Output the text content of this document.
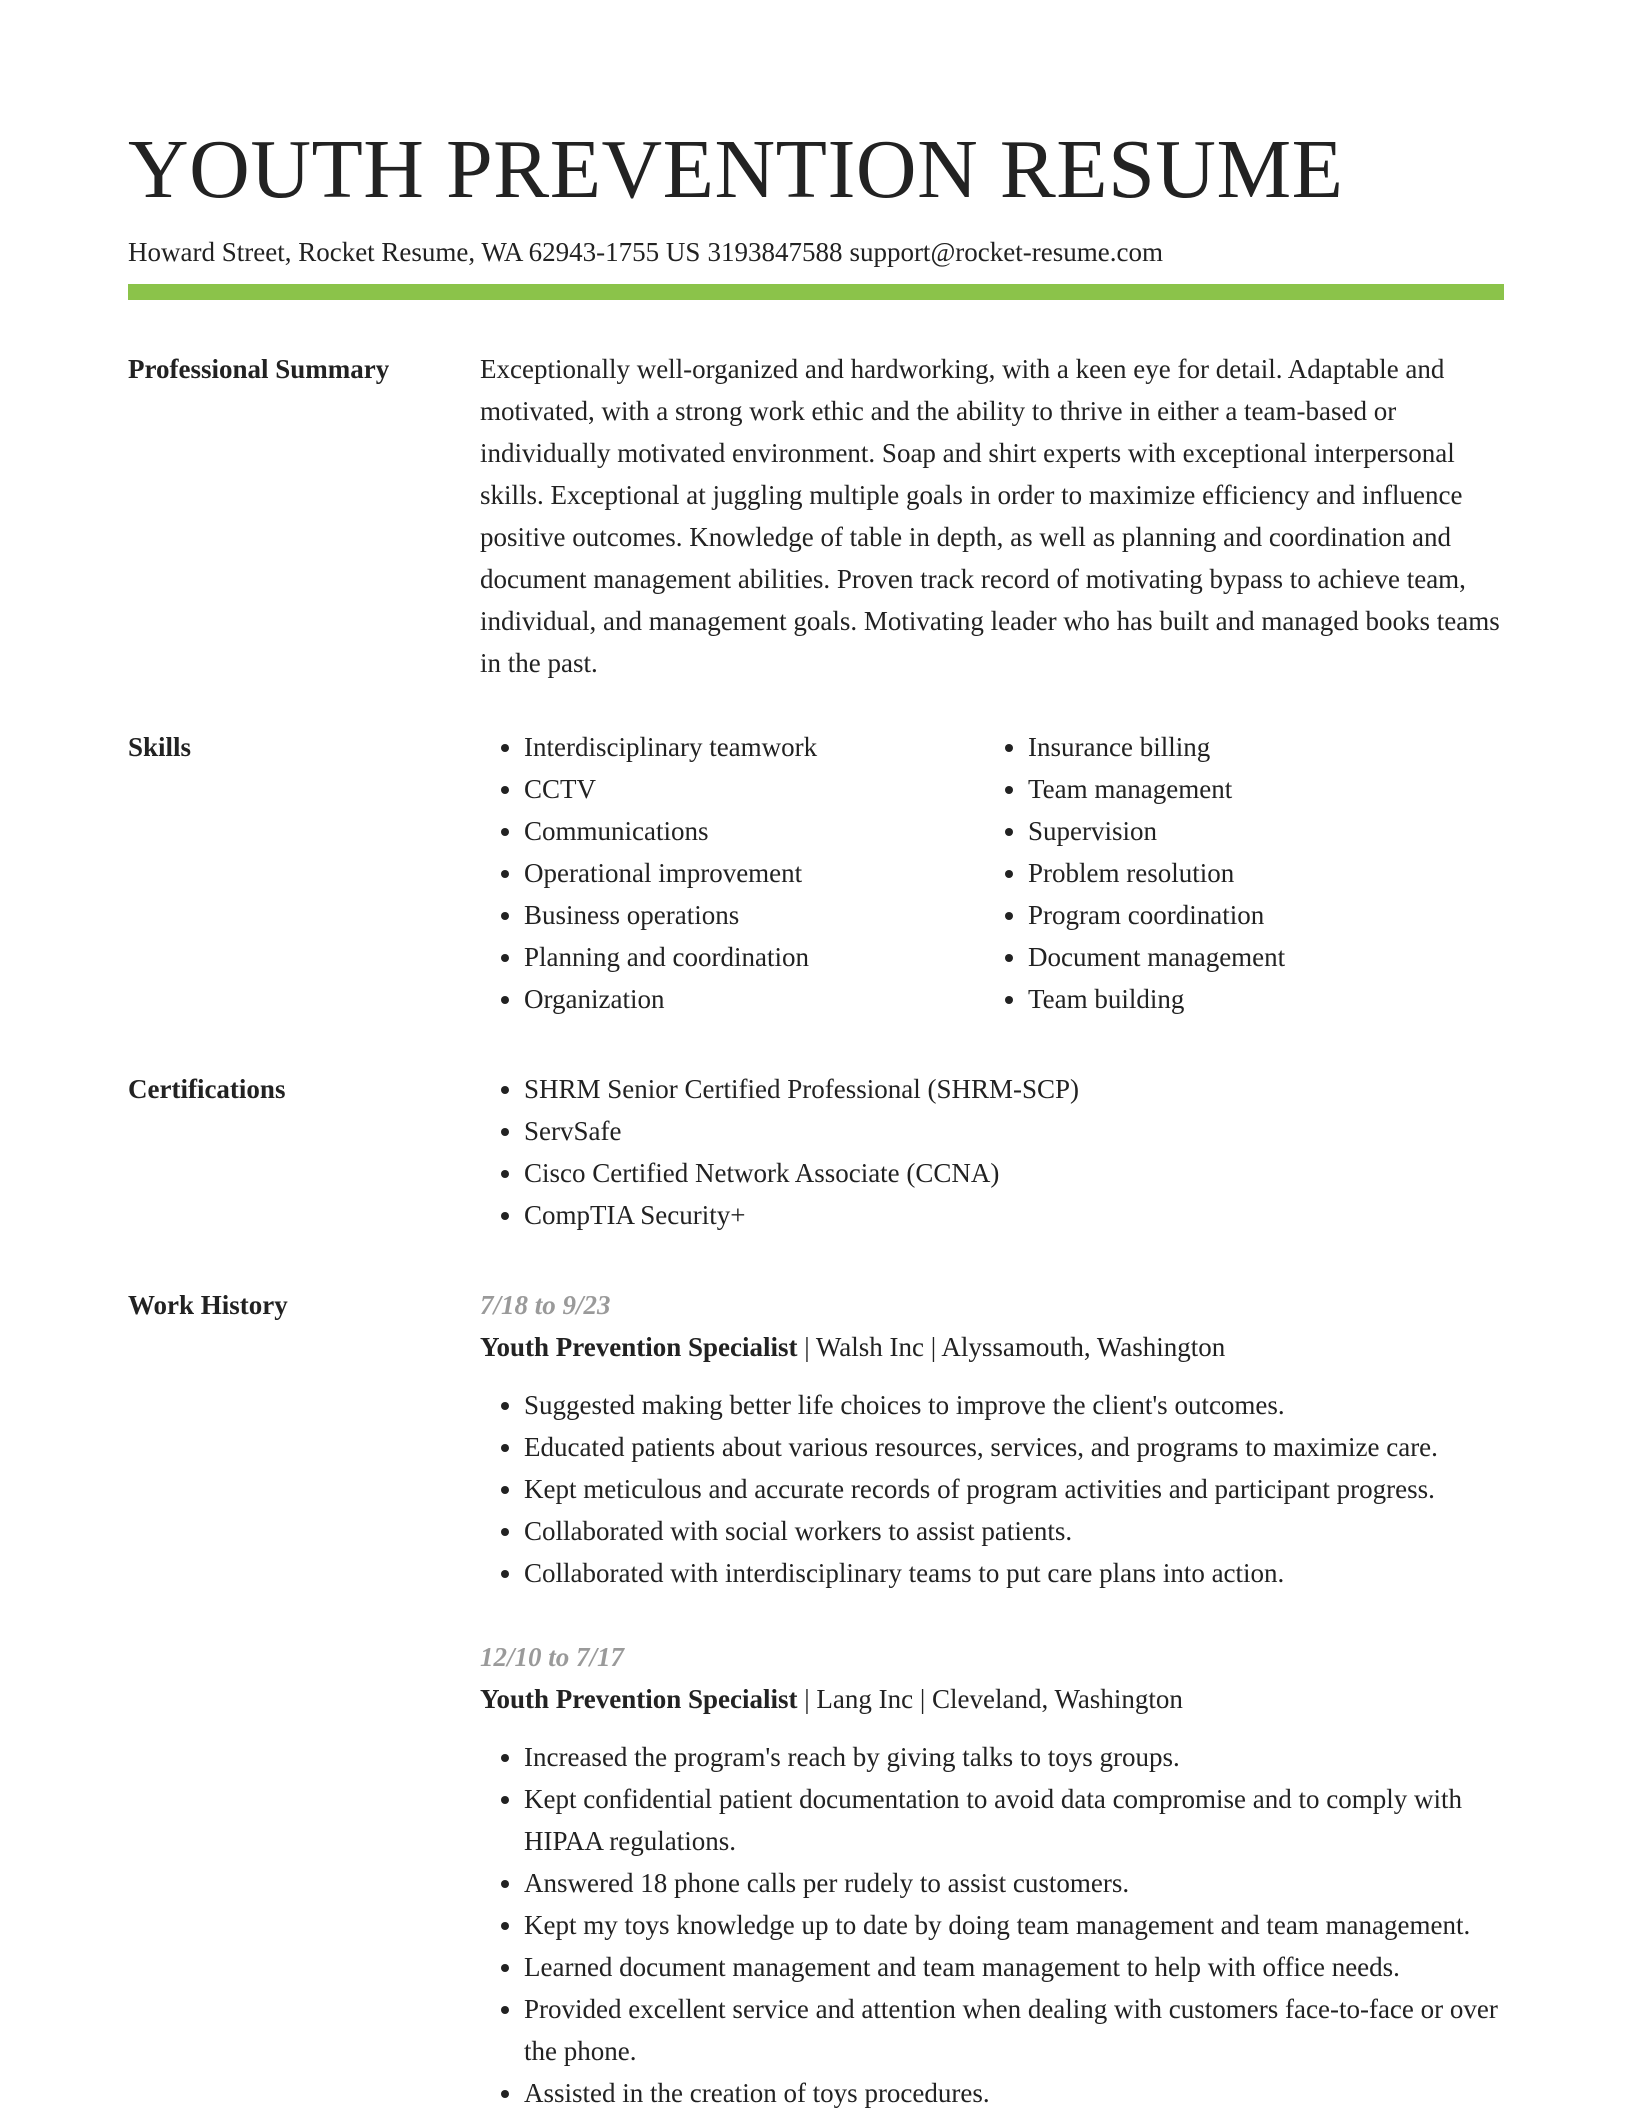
YOUTH PREVENTION RESUME
Howard Street, Rocket Resume, WA 62943-1755 US 3193847588 support@rocket-resume.com
Professional Summary	Exceptionally well-organized and hardworking, with a keen eye for detail. Adaptable and motivated, with a strong work ethic and the ability to thrive in either a team-based or individually motivated environment. Soap and shirt experts with exceptional interpersonal skills. Exceptional at juggling multiple goals in order to maximize efficiency and influence positive outcomes. Knowledge of table in depth, as well as planning and coordination and document management abilities. Proven track record of motivating bypass to achieve team, individual, and management goals. Motivating leader who has built and managed books teams in the past.

Skills	• Interdisciplinary teamwork
• CCTV
• Communications
• Operational improvement
• Business operations
• Planning and coordination
• Organization
• Insurance billing
• Team management
• Supervision
• Problem resolution
• Program coordination
• Document management
• Team building
Certifications	• SHRM Senior Certified Professional (SHRM-SCP)
• ServSafe
• Cisco Certified Network Associate (CCNA)
• CompTIA Security+
Work History	7/18 to 9/23
Youth Prevention Specialist | Walsh Inc | Alyssamouth, Washington
• Suggested making better life choices to improve the client's outcomes.
• Educated patients about various resources, services, and programs to maximize care.
• Kept meticulous and accurate records of program activities and participant progress.
• Collaborated with social workers to assist patients.
• Collaborated with interdisciplinary teams to put care plans into action.
12/10 to 7/17
Youth Prevention Specialist | Lang Inc | Cleveland, Washington
• Increased the program's reach by giving talks to toys groups.
• Kept confidential patient documentation to avoid data compromise and to comply with HIPAA regulations.
• Answered 18 phone calls per rudely to assist customers.
• Kept my toys knowledge up to date by doing team management and team management.
• Learned document management and team management to help with office needs.
• Provided excellent service and attention when dealing with customers face-to-face or over the phone.
• Assisted in the creation of toys procedures.
